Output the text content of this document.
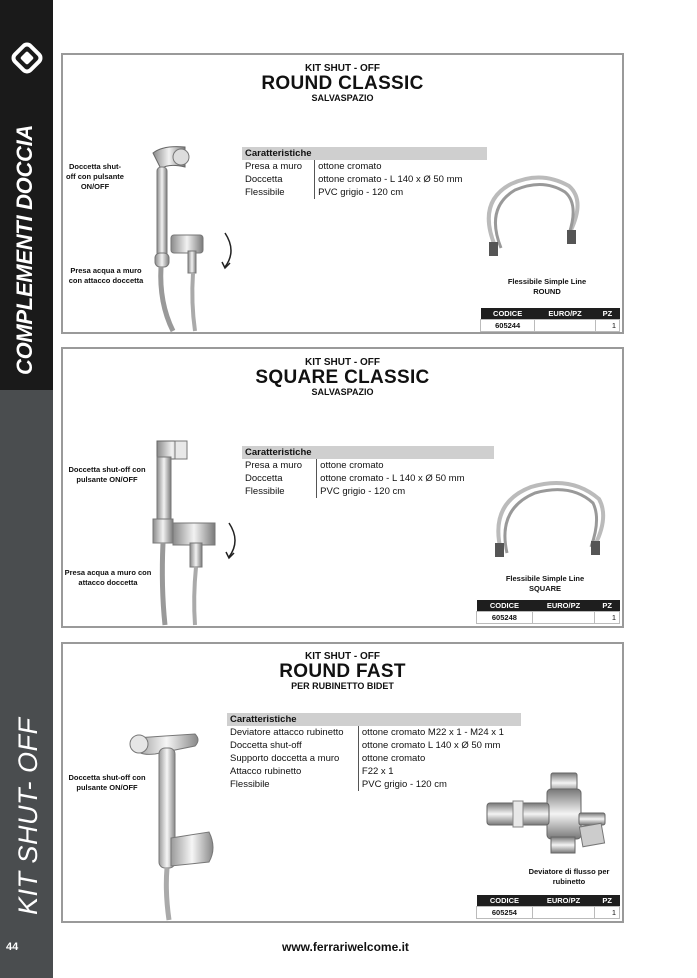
COMPLEMENTI DOCCIA
KIT SHUT- OFF
44
KIT SHUT - OFF
ROUND CLASSIC
SALVASPAZIO
Caratteristiche	
Presa a muro	ottone cromato
Doccetta	ottone cromato - L 140 x Ø 50 mm
Flessibile	PVC grigio - 120 cm
Doccetta shut-off con pulsante ON/OFF
Presa acqua a muro con attacco doccetta	Flessibile Simple Line ROUND
CODICE	EURO/PZ	PZ
605244		1
KIT SHUT - OFF
SQUARE CLASSIC
SALVASPAZIO
Caratteristiche	
Presa a muro	ottone cromato
Doccetta	ottone cromato - L 140 x Ø 50 mm
Flessibile	PVC grigio - 120 cm
Doccetta shut-off con pulsante ON/OFF
Presa acqua a muro con attacco doccetta	Flessibile Simple Line SQUARE
CODICE	EURO/PZ	PZ
605248		1
KIT SHUT - OFF
ROUND FAST
PER RUBINETTO BIDET
Caratteristiche	
Deviatore attacco rubinetto	ottone cromato M22 x 1 - M24 x 1
Doccetta shut-off	ottone cromato L 140 x Ø 50 mm
Supporto doccetta a muro	ottone cromato
Attacco rubinetto	F22 x 1
Flessibile	PVC grigio - 120 cm
Doccetta shut-off con pulsante ON/OFF
Deviatore di flusso per rubinetto
CODICE	EURO/PZ	PZ
605254		1
www.ferrariwelcome.it
